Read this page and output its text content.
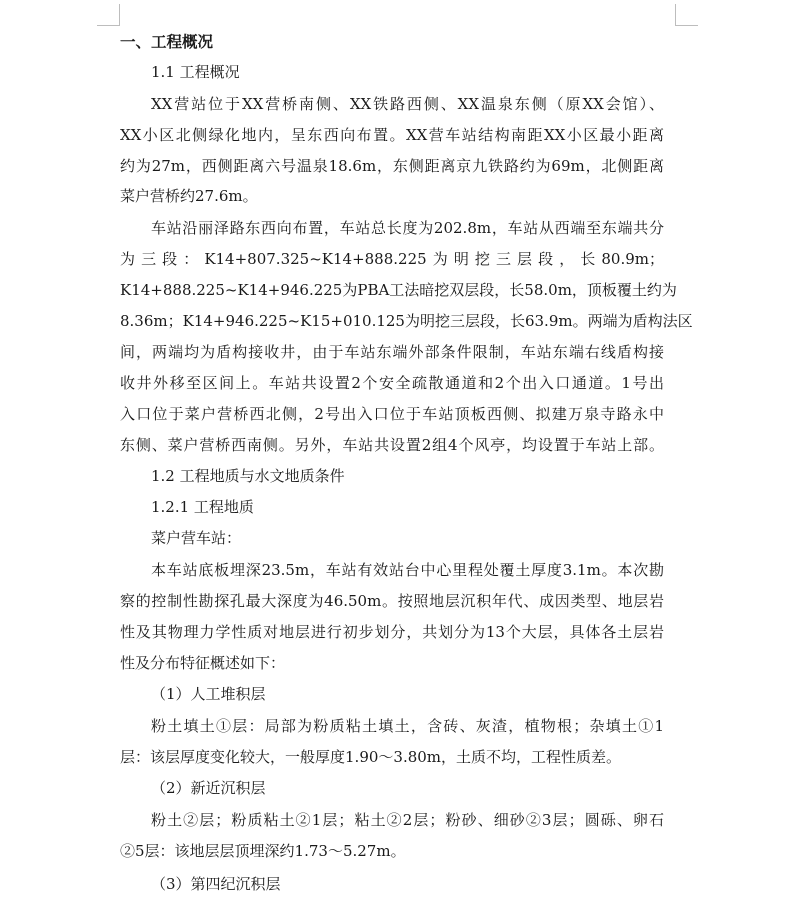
一、工程概况
1.1 工程概况
XX营站位于XX营桥南侧、XX铁路西侧、XX温泉东侧（原XX会馆）、
XX小区北侧绿化地内，呈东西向布置。XX营车站结构南距XX小区最小距离
约为27m，西侧距离六号温泉18.6m，东侧距离京九铁路约为69m，北侧距离
菜户营桥约27.6m。
车站沿丽泽路东西向布置，车站总长度为202.8m，车站从西端至东端共分
为三段：K14+807.325~K14+888.225为明挖三层段，长80.9m；
K14+888.225~K14+946.225为PBA工法暗挖双层段，长58.0m，顶板覆土约为
8.36m；K14+946.225~K15+010.125为明挖三层段，长63.9m。两端为盾构法区
间，两端均为盾构接收井，由于车站东端外部条件限制，车站东端右线盾构接
收井外移至区间上。车站共设置2个安全疏散通道和2个出入口通道。1号出
入口位于菜户营桥西北侧，2号出入口位于车站顶板西侧、拟建万泉寺路永中
东侧、菜户营桥西南侧。另外，车站共设置2组4个风亭，均设置于车站上部。
1.2 工程地质与水文地质条件
1.2.1 工程地质
菜户营车站：
本车站底板埋深23.5m，车站有效站台中心里程处覆土厚度3.1m。本次勘
察的控制性勘探孔最大深度为46.50m。按照地层沉积年代、成因类型、地层岩
性及其物理力学性质对地层进行初步划分，共划分为13个大层，具体各土层岩
性及分布特征概述如下：
（1）人工堆积层
粉土填土①层：局部为粉质粘土填土，含砖、灰渣，植物根；杂填土①1
层：该层厚度变化较大，一般厚度1.90～3.80m，土质不均，工程性质差。
（2）新近沉积层
粉土②层；粉质粘土②1层；粘土②2层；粉砂、细砂②3层；圆砾、卵石
②5层：该地层层顶埋深约1.73～5.27m。
（3）第四纪沉积层
